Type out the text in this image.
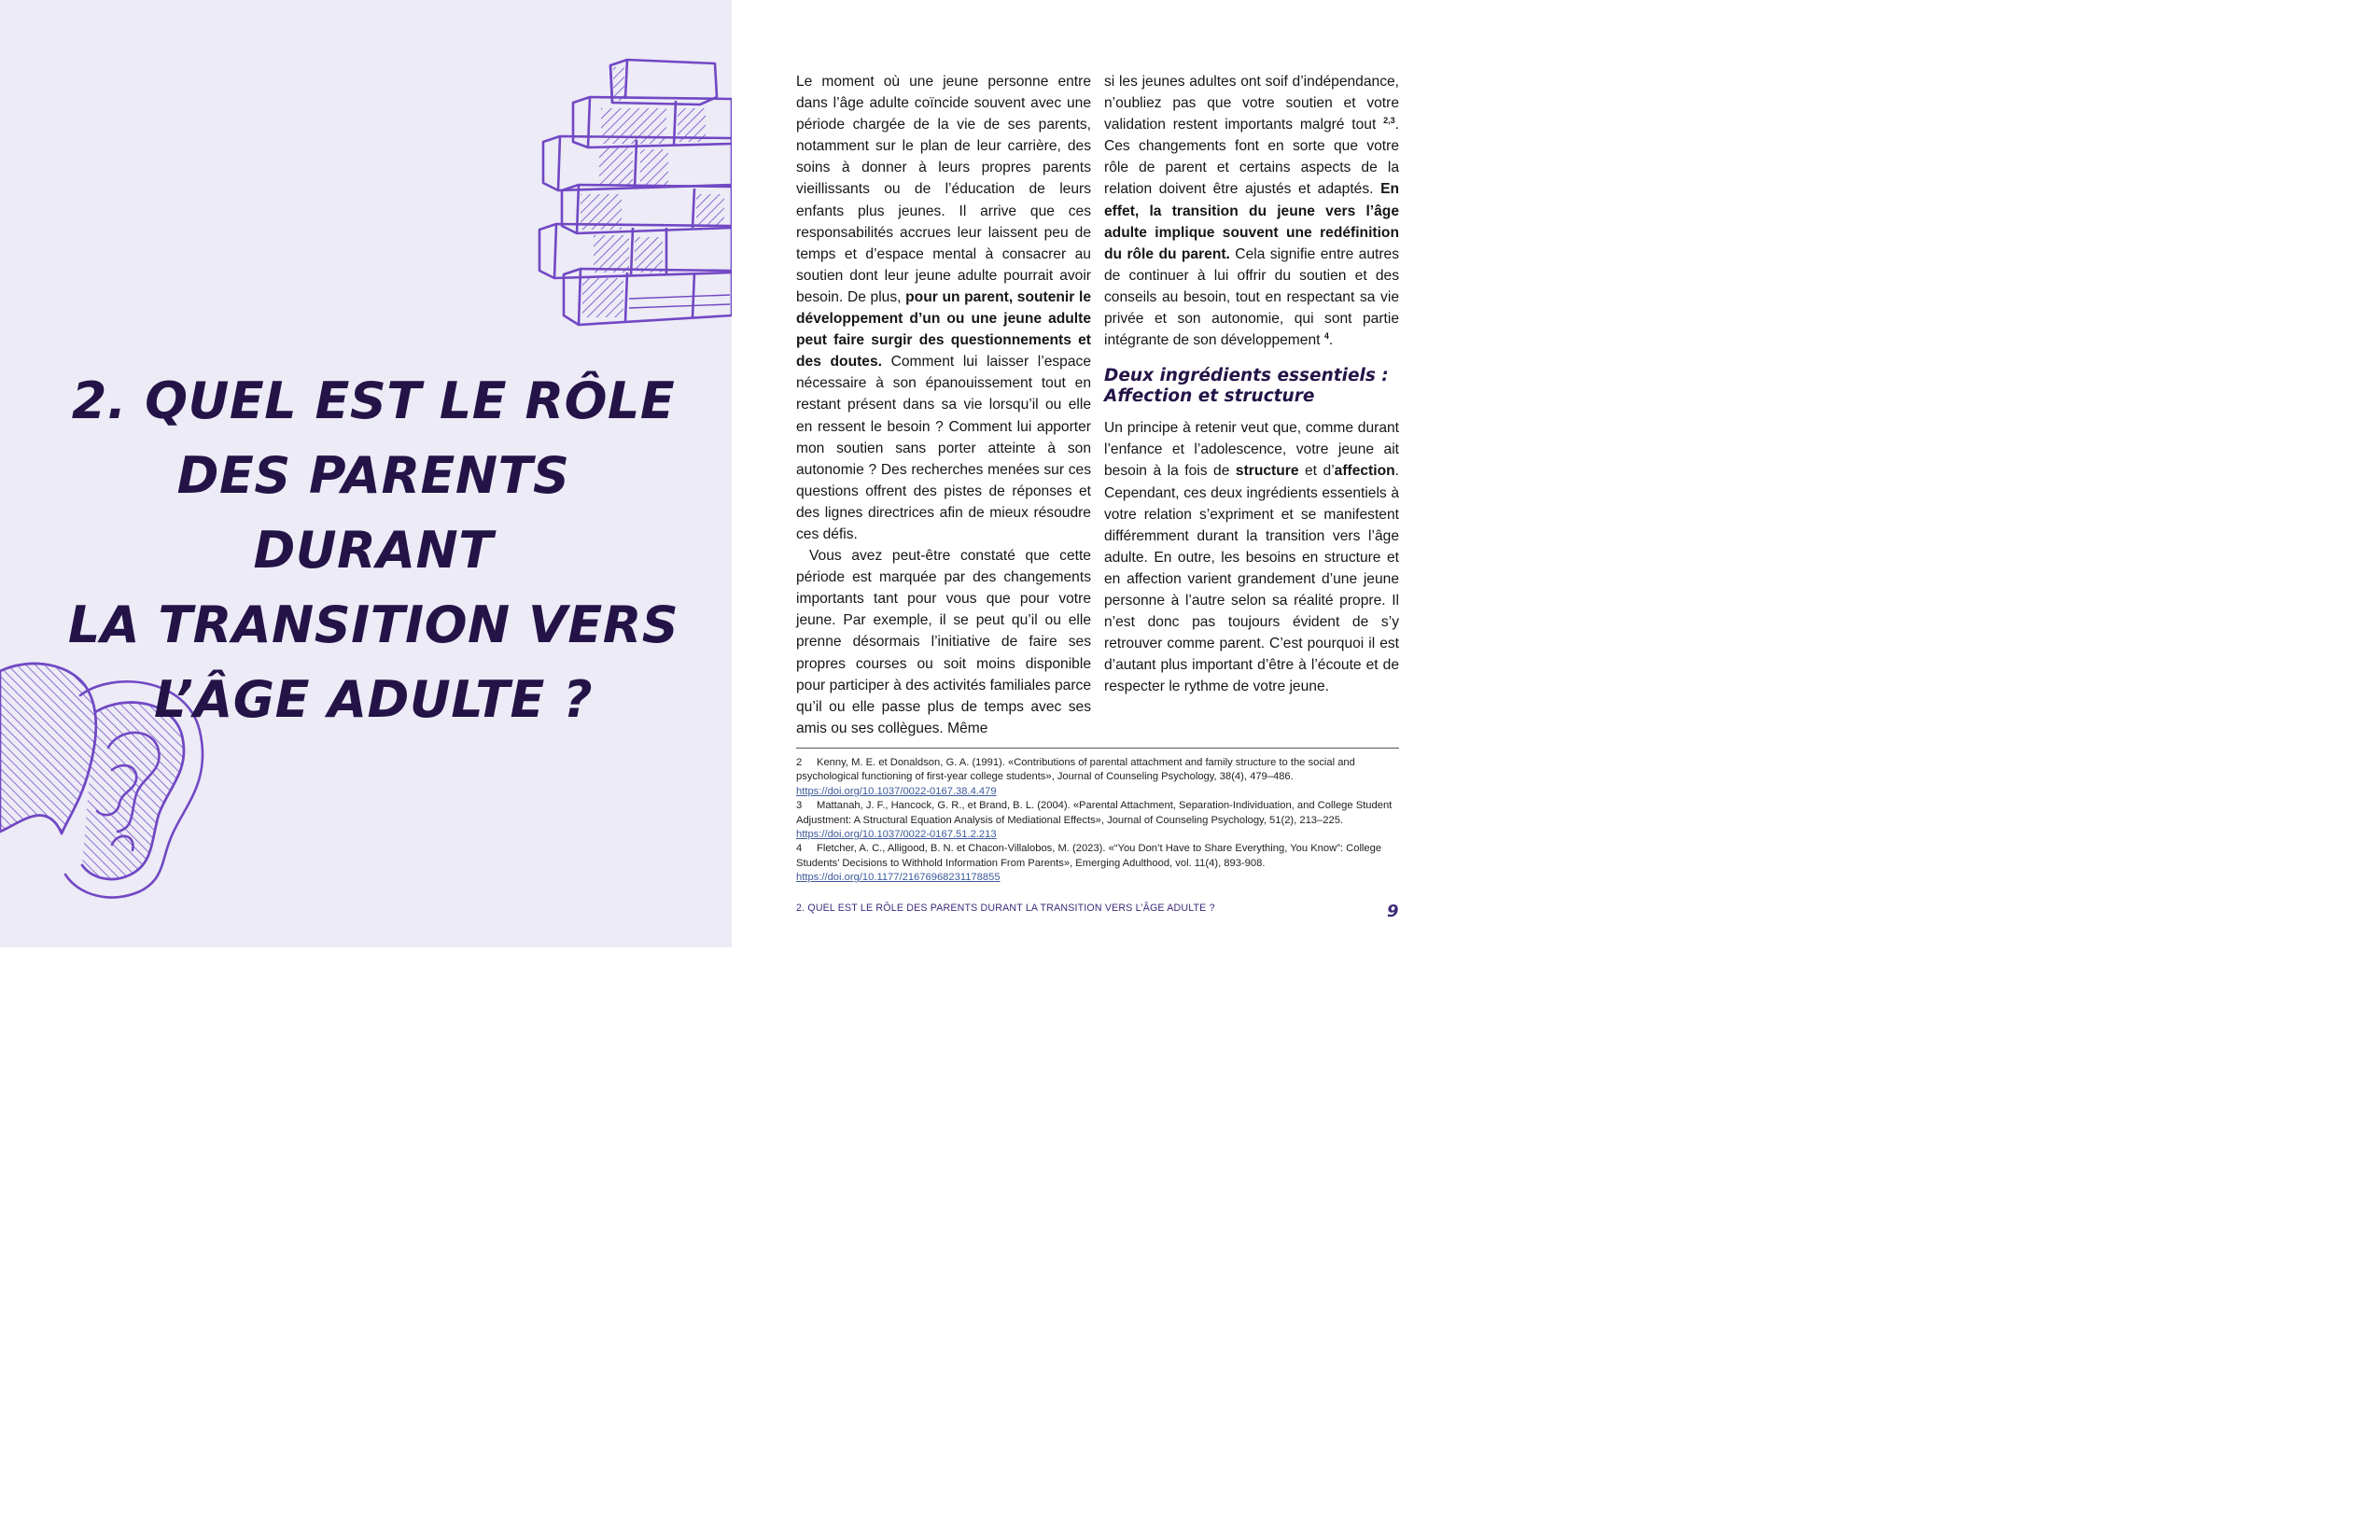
2. QUEL EST LE RÔLE
DES PARENTS DURANT
LA TRANSITION VERS
L’ÂGE ADULTE ?

Le moment où une jeune personne entre dans l’âge adulte coïncide souvent avec une période chargée de la vie de ses parents, notamment sur le plan de leur carrière, des soins à donner à leurs propres parents vieillissants ou de l’éducation de leurs enfants plus jeunes. Il arrive que ces responsabilités accrues leur laissent peu de temps et d’espace mental à consacrer au soutien dont leur jeune adulte pourrait avoir besoin. De plus, pour un parent, soutenir le développement d’un ou une jeune adulte peut faire surgir des questionnements et des doutes. Comment lui laisser l’espace nécessaire à son épanouissement tout en restant présent dans sa vie lorsqu’il ou elle en ressent le besoin ? Comment lui apporter mon soutien sans porter atteinte à son autonomie ? Des recherches menées sur ces questions offrent des pistes de réponses et des lignes directrices afin de mieux résoudre ces défis.

Vous avez peut-être constaté que cette période est marquée par des changements importants tant pour vous que pour votre jeune. Par exemple, il se peut qu’il ou elle prenne désormais l’initiative de faire ses propres courses ou soit moins disponible pour participer à des activités familiales parce qu’il ou elle passe plus de temps avec ses amis ou ses collègues. Même

si les jeunes adultes ont soif d’indépendance, n’oubliez pas que votre soutien et votre validation restent importants malgré tout $^{2,3}$. Ces changements font en sorte que votre rôle de parent et certains aspects de la relation doivent être ajustés et adaptés. En effet, la transition du jeune vers l’âge adulte implique souvent une redéfinition du rôle du parent. Cela signifie entre autres de continuer à lui offrir du soutien et des conseils au besoin, tout en respectant sa vie privée et son autonomie, qui sont partie intégrante de son développement $^4$.

Deux ingrédients essentiels : Affection et structure

Un principe à retenir veut que, comme durant l’enfance et l’adolescence, votre jeune ait besoin à la fois de structure et d’affection. Cependant, ces deux ingrédients essentiels à votre relation s’expriment et se manifestent différemment durant la transition vers l’âge adulte. En outre, les besoins en structure et en affection varient grandement d’une jeune personne à l’autre selon sa réalité propre. Il n’est donc pas toujours évident de s’y retrouver comme parent. C’est pourquoi il est d’autant plus important d’être à l’écoute et de respecter le rythme de votre jeune.

2 Kenny, M. E. et Donaldson, G. A. (1991). «Contributions of parental attachment and family structure to the social and psychological functioning of first-year college students», Journal of Counseling Psychology, 38(4), 479–486. https://doi.org/10.1037/0022-0167.38.4.479
3 Mattanah, J. F., Hancock, G. R., et Brand, B. L. (2004). «Parental Attachment, Separation-Individuation, and College Student Adjustment: A Structural Equation Analysis of Mediational Effects», Journal of Counseling Psychology, 51(2), 213–225. https://doi.org/10.1037/0022-0167.51.2.213
4 Fletcher, A. C., Alligood, B. N. et Chacon-Villalobos, M. (2023). «“You Don’t Have to Share Everything, You Know”: College Students’ Decisions to Withhold Information From Parents», Emerging Adulthood, vol. 11(4), 893-908. https://doi.org/10.1177/21676968231178855
2. QUEL EST LE RÔLE DES PARENTS DURANT LA TRANSITION VERS L’ÂGE ADULTE ?	9
